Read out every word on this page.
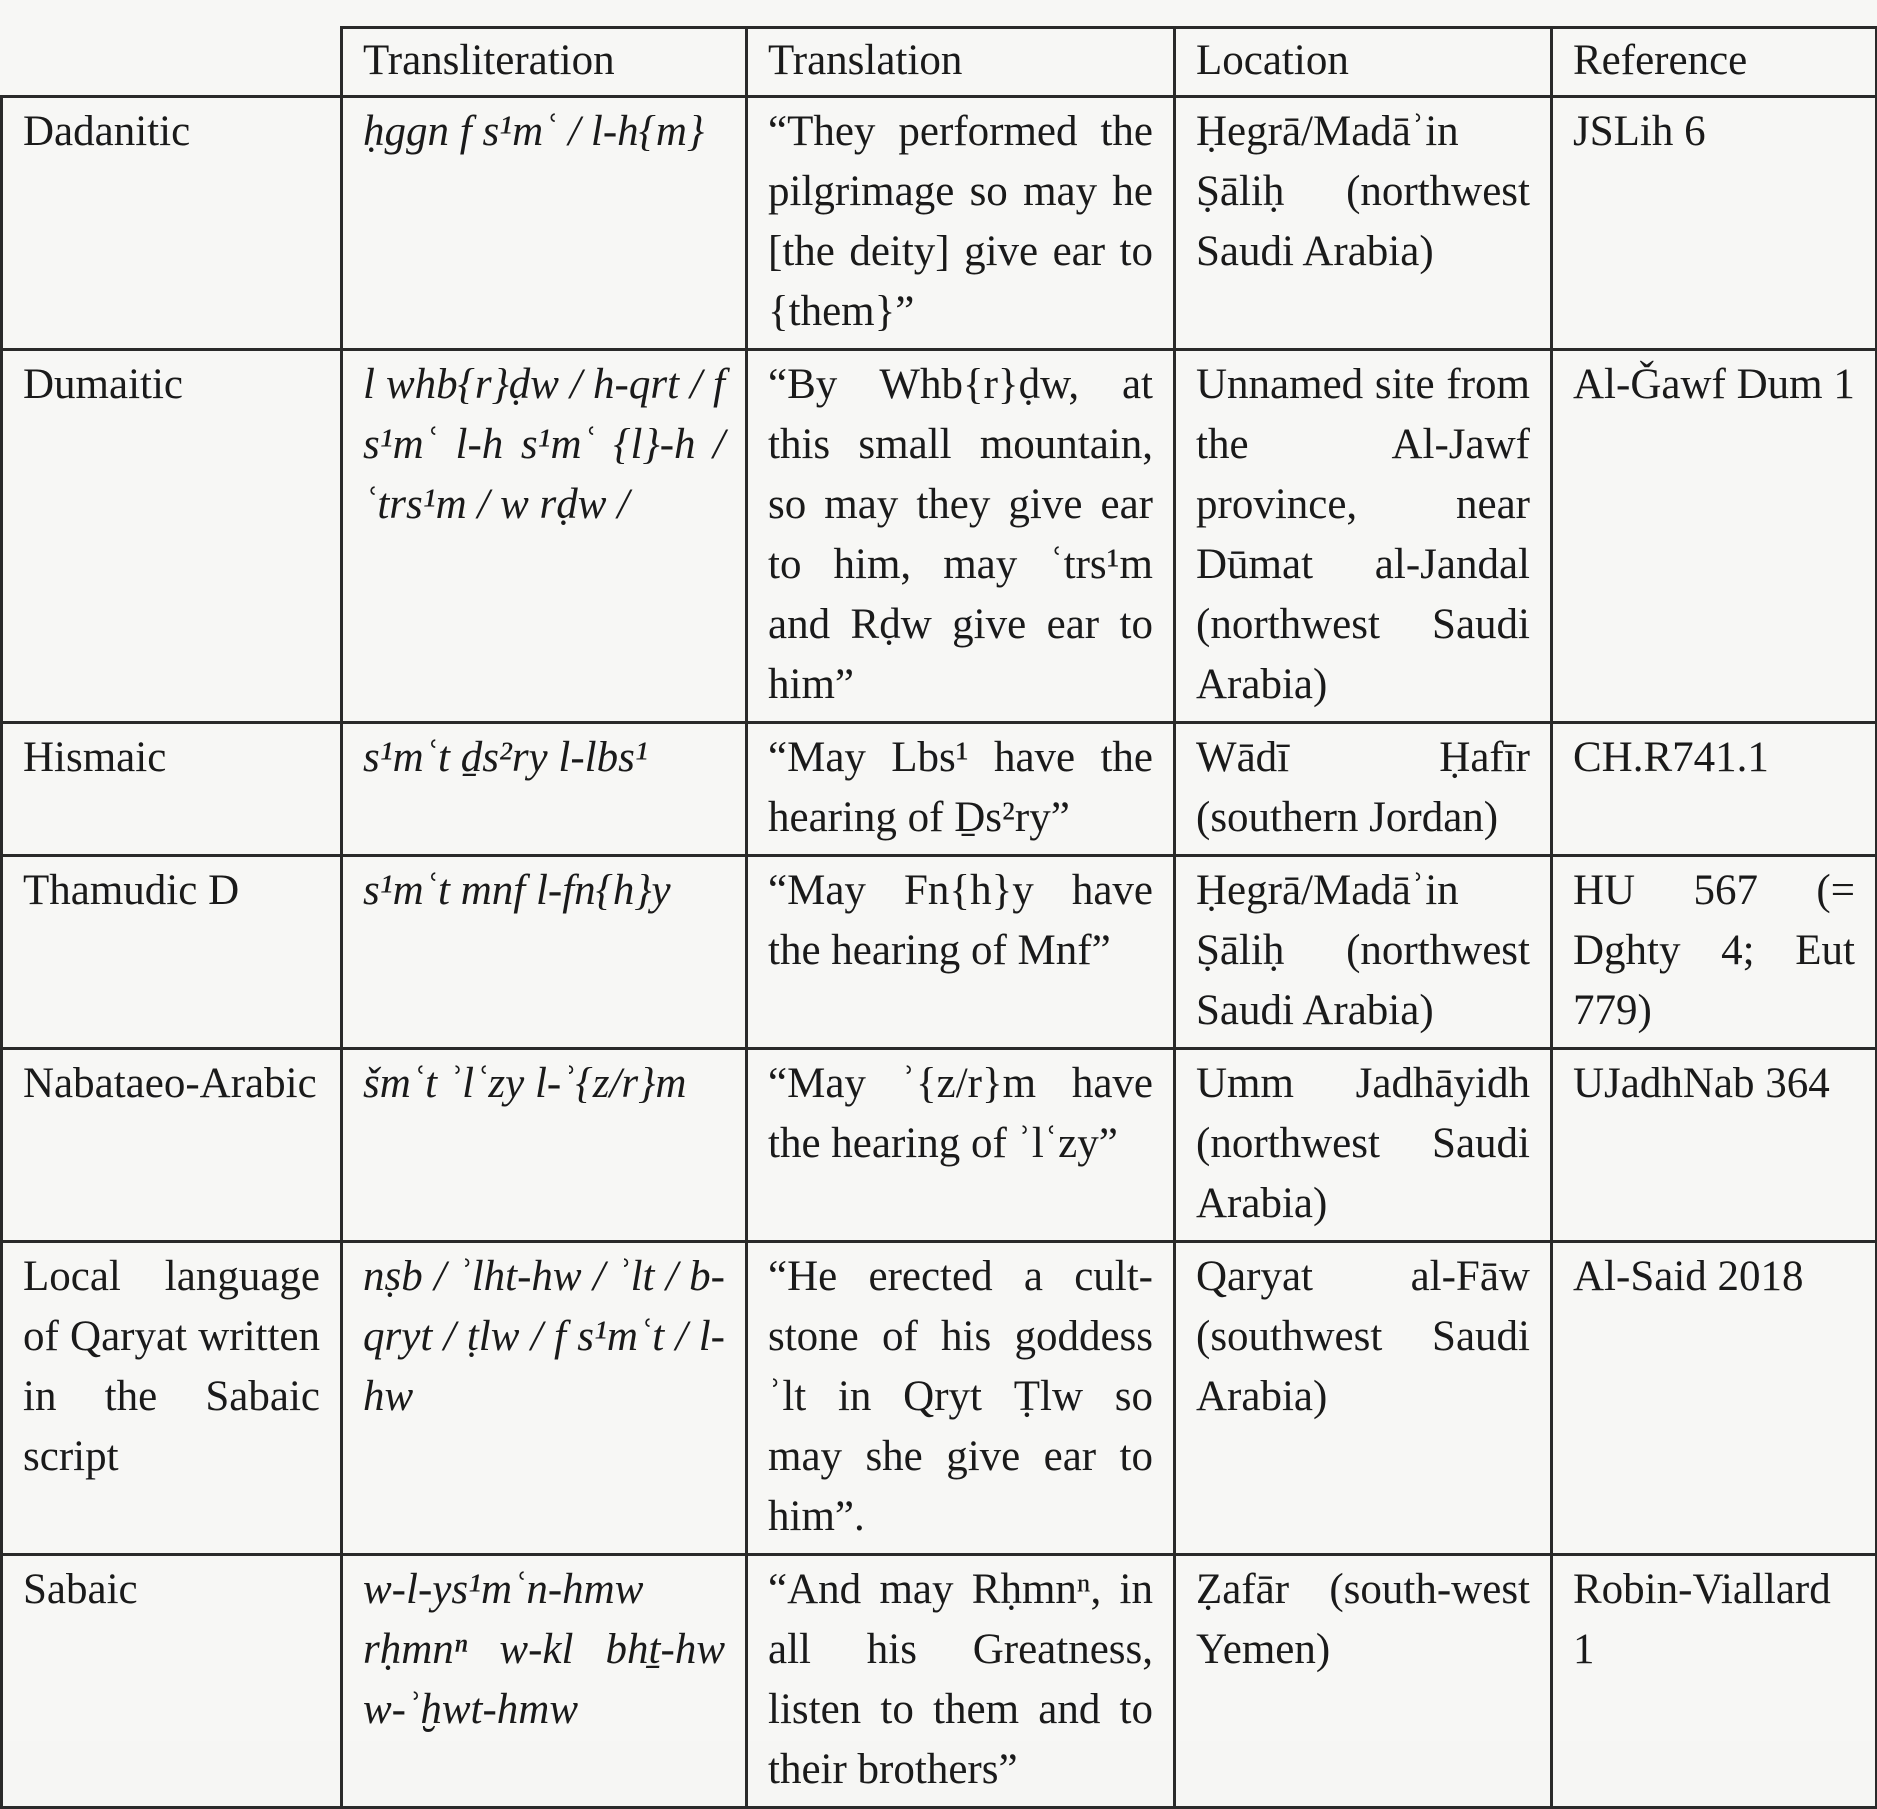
	Transliteration	Translation	Location	Reference
Dadanitic	ḥggn f s¹mʿ / l-h{m}	“They performed the pilgrimage so may he [the deity] give ear to {them}”	Ḥegrā/Madāʾin Ṣāliḥ (northwest Saudi Arabia)	JSLih 6
Dumaitic	l whb{r}ḍw / h-qrt / f s¹mʿ l-h s¹mʿ {l}-h / ʿtrs¹m / w rḍw /	“By Whb{r}ḍw, at this small mountain, so may they give ear to him, may ʿtrs¹m and Rḍw give ear to him”	Unnamed site from the Al-Jawf province, near Dūmat al-Jandal (northwest Saudi Arabia)	Al-Ǧawf Dum 1
Hismaic	s¹mʿt ḏs²ry l-lbs¹	“May Lbs¹ have the hearing of Ḏs²ry”	Wādī Ḥafīr (southern Jordan)	CH.R741.1
Thamudic D	s¹mʿt mnf l-fn{h}y	“May Fn{h}y have the hearing of Mnf”	Ḥegrā/Madāʾin Ṣāliḥ (northwest Saudi Arabia)	HU 567 (= Dghty 4; Eut 779)
Nabataeo-Arabic	šmʿt ʾlʿzy l-ʾ{z/r}m	“May ʾ{z/r}m have the hearing of ʾlʿzy”	Umm Jadhāyidh (northwest Saudi Arabia)	UJadhNab 364
Local language of Qaryat written in the Sabaic script	nṣb / ʾlht-hw / ʾlt / b-qryt / ṭlw / f s¹mʿt / l-hw	“He erected a cult-stone of his goddess ʾlt in Qryt Ṭlw so may she give ear to him”.	Qaryat al-Fāw (southwest Saudi Arabia)	Al-Said 2018
Sabaic	w-l-ys¹mʿn-hmw rḥmnⁿ w-kl bhṯ-hw w-ʾḫwt-hmw	“And may Rḥmnⁿ, in all his Greatness, listen to them and to their brothers”	Ẓafār (south-west Yemen)	Robin-Viallard 1
